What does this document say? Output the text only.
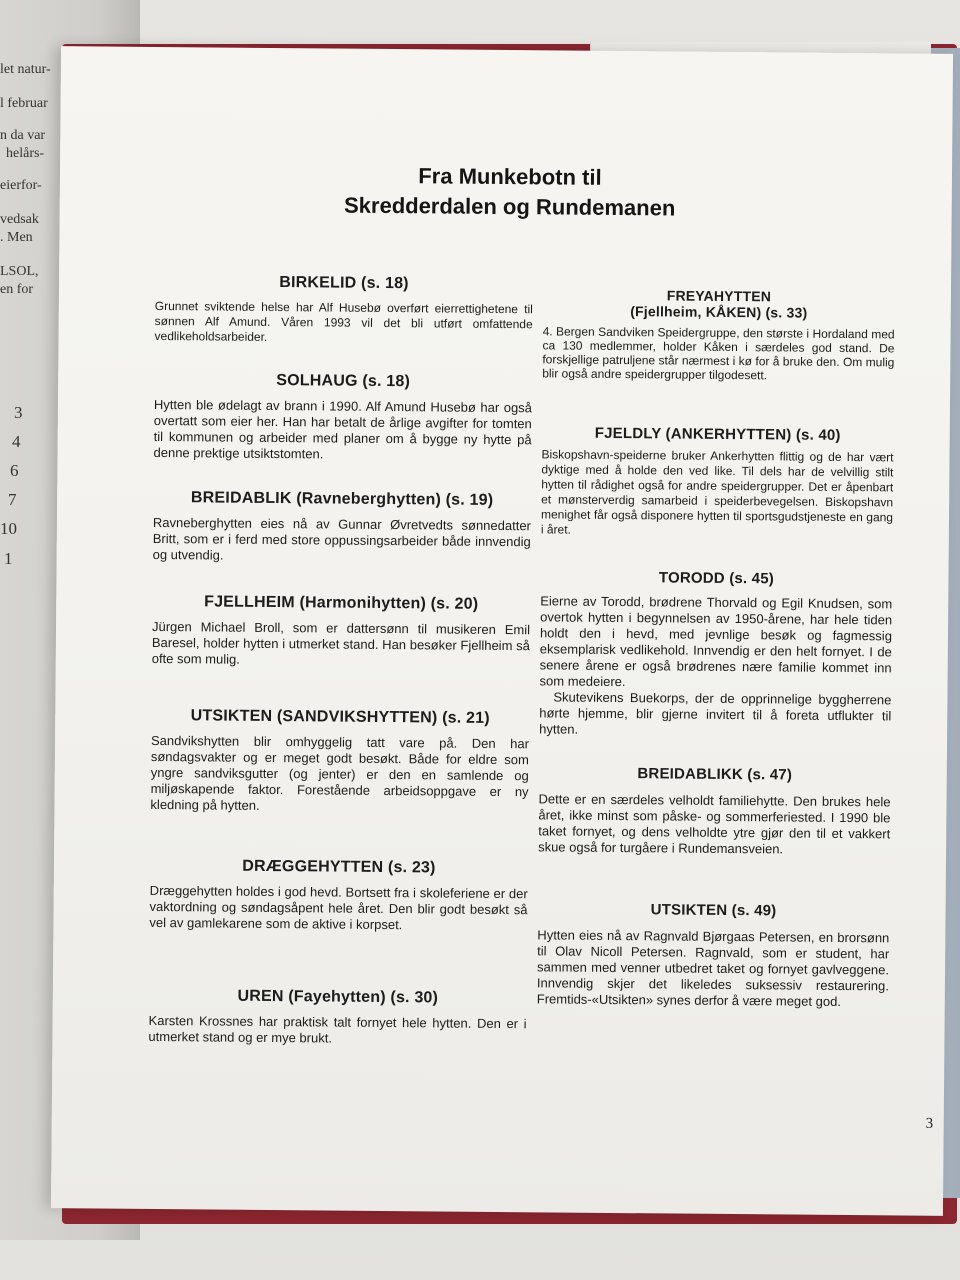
let natur-
l februar
n da var
helårs-
eierfor-
vedsak
. Men
LSOL,
en for
3
4
6
7
10
1
Fra Munkebotn til
Skredderdalen og Rundemanen
BIRKELID (s. 18)

Grunnet sviktende helse har Alf Husebø overført eierrettighetene til sønnen Alf Amund. Våren 1993 vil det bli utført omfattende vedlikeholdsarbeider.

SOLHAUG (s. 18)

Hytten ble ødelagt av brann i 1990. Alf Amund Husebø har også overtatt som eier her. Han har betalt de årlige avgifter for tomten til kommunen og arbeider med planer om å bygge ny hytte på denne prektige utsiktstomten.

BREIDABLIK (Ravneberghytten) (s. 19)

Ravneberghytten eies nå av Gunnar Øvretvedts sønnedatter Britt, som er i ferd med store oppussingsarbeider både innvendig og utvendig.

FJELLHEIM (Harmonihytten) (s. 20)

Jürgen Michael Broll, som er dattersønn til musikeren Emil Baresel, holder hytten i utmerket stand. Han besøker Fjellheim så ofte som mulig.

UTSIKTEN (SANDVIKSHYTTEN) (s. 21)

Sandvikshytten blir omhyggelig tatt vare på. Den har søndagsvakter og er meget godt besøkt. Både for eldre som yngre sandviksgutter (og jenter) er den en samlende og miljøskapende faktor. Forestående arbeidsoppgave er ny kledning på hytten.

DRÆGGEHYTTEN (s. 23)

Dræggehytten holdes i god hevd. Bortsett fra i skoleferiene er der vaktordning og søndagsåpent hele året. Den blir godt besøkt så vel av gamlekarene som de aktive i korpset.

UREN (Fayehytten) (s. 30)

Karsten Krossnes har praktisk talt fornyet hele hytten. Den er i utmerket stand og er mye brukt.

FREYAHYTTEN
(Fjellheim, KÅKEN) (s. 33)

4. Bergen Sandviken Speidergruppe, den største i Hordaland med ca 130 medlemmer, holder Kåken i særdeles god stand. De forskjellige patruljene står nærmest i kø for å bruke den. Om mulig blir også andre speidergrupper tilgodesett.

FJELDLY (ANKERHYTTEN) (s. 40)

Biskopshavn-speiderne bruker Ankerhytten flittig og de har vært dyktige med å holde den ved like. Til dels har de velvillig stilt hytten til rådighet også for andre speidergrupper. Det er åpenbart et mønsterverdig samarbeid i speiderbevegelsen. Biskopshavn menighet får også disponere hytten til sportsgudstjeneste en gang i året.

TORODD (s. 45)

Eierne av Torodd, brødrene Thorvald og Egil Knudsen, som overtok hytten i begynnelsen av 1950-årene, har hele tiden holdt den i hevd, med jevnlige besøk og fagmessig eksemplarisk vedlikehold. Innvendig er den helt fornyet. I de senere årene er også brødrenes nære familie kommet inn som medeiere.

Skutevikens Buekorps, der de opprinnelige byggherrene hørte hjemme, blir gjerne invitert til å foreta utflukter til hytten.

BREIDABLIKK (s. 47)

Dette er en særdeles velholdt familiehytte. Den brukes hele året, ikke minst som påske- og sommerferiested. I 1990 ble taket fornyet, og dens velholdte ytre gjør den til et vakkert skue også for turgåere i Rundemansveien.

UTSIKTEN (s. 49)

Hytten eies nå av Ragnvald Bjørgaas Petersen, en brorsønn til Olav Nicoll Petersen. Ragnvald, som er student, har sammen med venner utbedret taket og fornyet gavlveggene. Innvendig skjer det likeledes suksessiv restaurering. Fremtids-«Utsikten» synes derfor å være meget god.

3
